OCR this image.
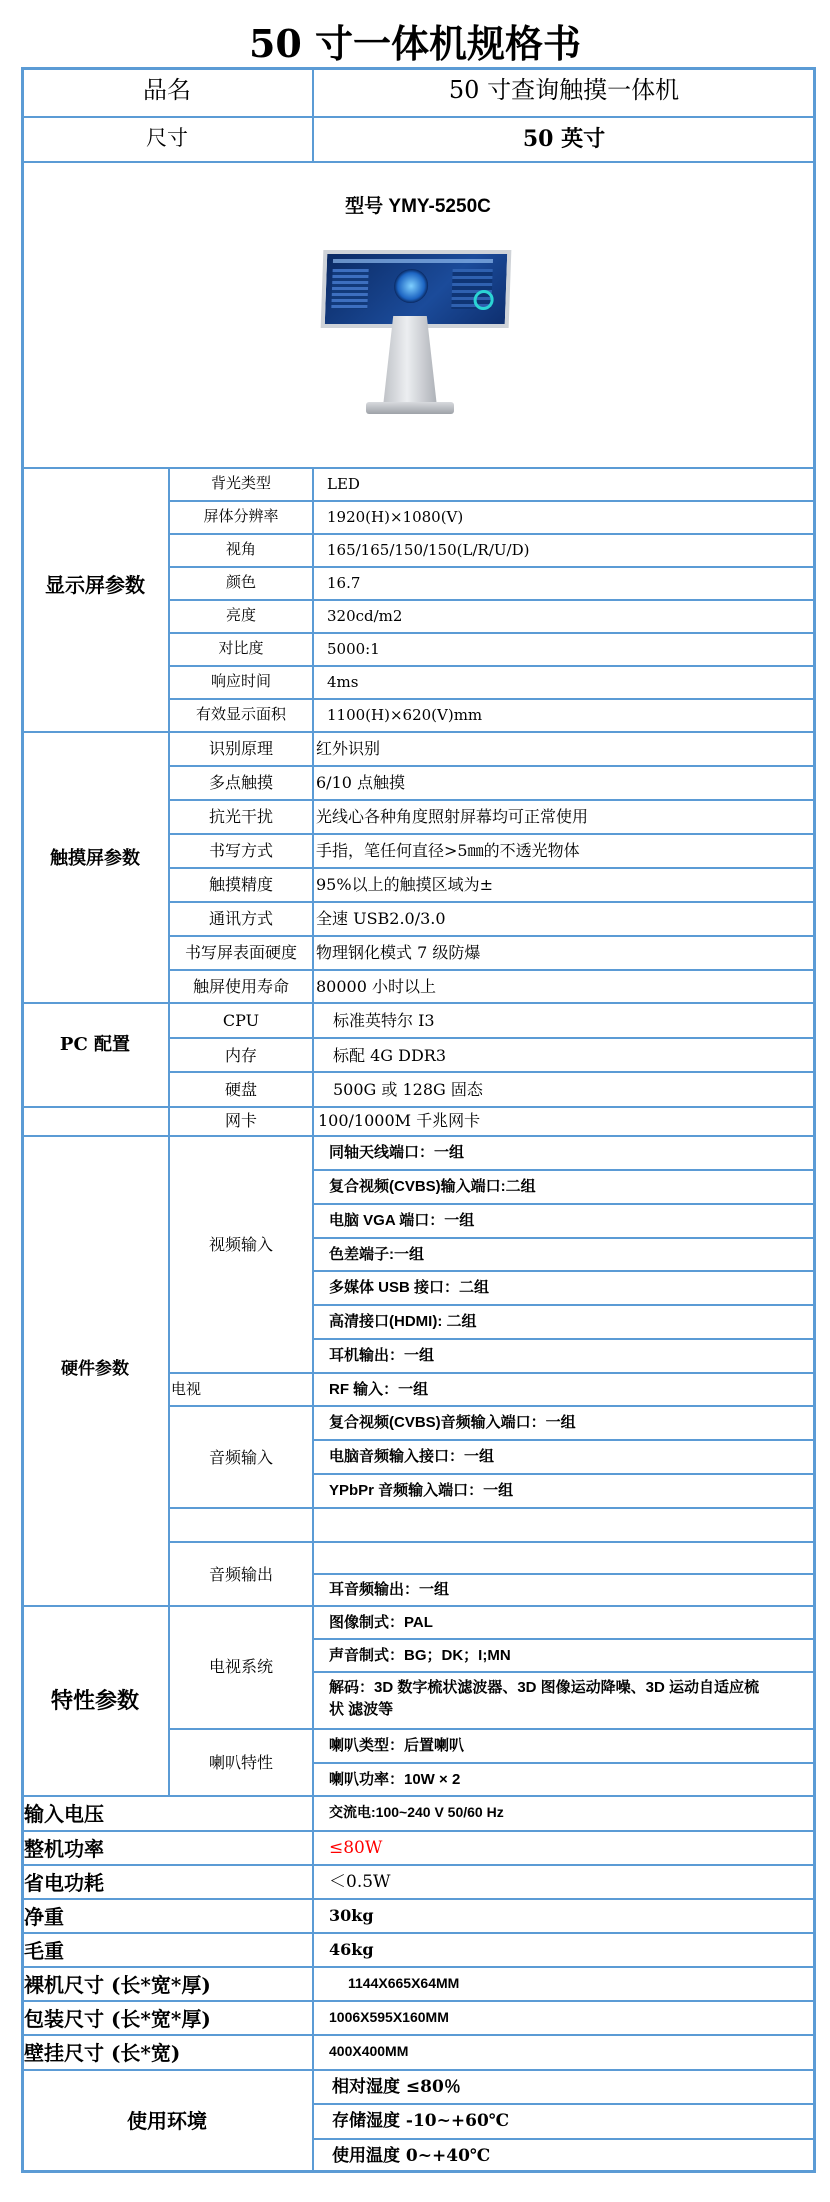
50 寸一体机规格书
品名	50 寸查询触摸一体机
尺寸	50 英寸
型号 YMY-5250C
显示屏参数
背光类型	LED
屏体分辨率	1920(H)×1080(V)
视角	165/165/150/150(L/R/U/D)
颜色	16.7
亮度	320cd/m2
对比度	5000:1
响应时间	4ms
有效显示面积	1100(H)×620(V)mm
触摸屏参数
识别原理	红外识别
多点触摸	6/10 点触摸
抗光干扰	光线心各种角度照射屏幕均可正常使用
书写方式	手指，笔任何直径>5㎜的不透光物体
触摸精度	95%以上的触摸区域为±
通讯方式	全速 USB2.0/3.0
书写屏表面硬度 物理钢化模式 7 级防爆
触屏使用寿命 80000 小时以上
PC 配置
CPU	标准英特尔 I3
内存	标配 4G DDR3
硬盘	500G 或 128G 固态
网卡	100/1000M 千兆网卡
硬件参数
视频输入
同轴天线端口：一组
复合视频(CVBS)输入端口:二组
电脑 VGA 端口：一组
色差端子:一组
多媒体 USB 接口：二组
高清接口(HDMI): 二组
耳机输出：一组
电视	RF 输入：一组
音频输入
复合视频(CVBS)音频输入端口：一组
电脑音频输入接口：一组
YPbPr 音频输入端口：一组
音频输出
耳音频输出：一组
特性参数
电视系统
图像制式：PAL
声音制式：BG；DK；I;MN
解码：3D 数字梳状滤波器、3D 图像运动降噪、3D 运动自适应梳
状 滤波等
喇叭特性
喇叭类型：后置喇叭
喇叭功率：10W × 2
输入电压	交流电:100~240 V 50/60 Hz
整机功率	≤80W
省电功耗	＜0.5W
净重	30kg
毛重	46kg
裸机尺寸 (长*宽*厚)	1144X665X64MM
包装尺寸 (长*宽*厚)	1006X595X160MM
壁挂尺寸 (长*宽)	400X400MM
使用环境
相对湿度 ≤80％
存储湿度 -10~+60℃
使用温度 0~+40℃
